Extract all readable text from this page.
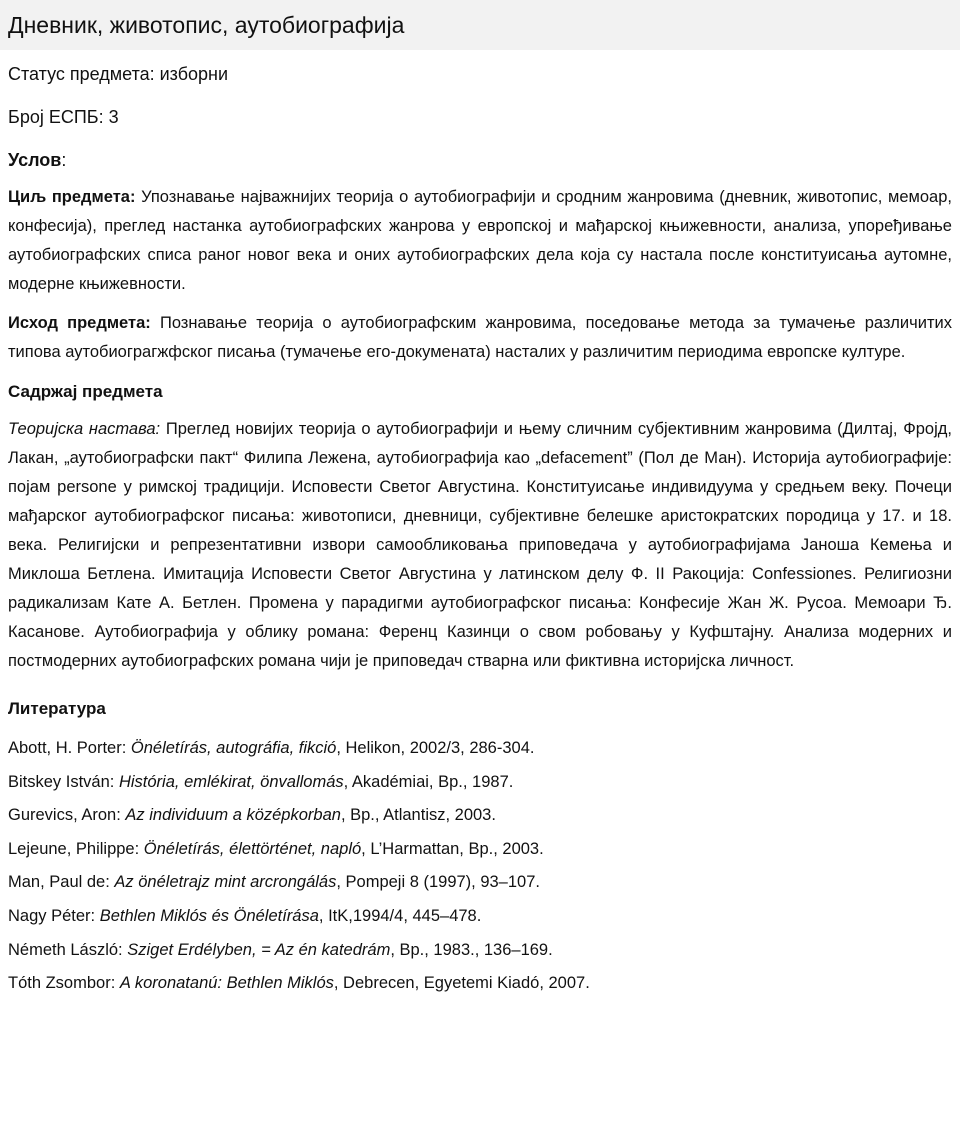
Дневник, животопис, аутобиографија

Статус предмета: изборни

Број ЕСПБ: 3

Услов:

Циљ предмета: Упознавање најважнијих теорија о аутобиографији и сродним жанровима (дневник, животопис, мемоар, конфесија), преглед настанка аутобиографских жанрова у европској и мађарској књижевности, анализа, упоређивање аутобиографских списа раног новог века и оних аутобиографских дела која су настала после конституисања аутомне, модерне књижевности.

Исход предмета: Познавање теорија о аутобиографским жанровима, поседовање метода за тумачење различитих типова аутобиограгжфског писања (тумачење его-докумената) насталих у различитим периодима европске културе.

Садржај предмета

Теоријска настава: Преглед новијих теорија о аутобиографији и њему сличним субјективним жанровима (Дилтај, Фројд, Лакан, „аутобиографски пакт“ Филипа Лежена, аутобиографија као „defacement” (Пол де Ман). Историја аутобиографије: појам persone у римској традицији. Исповести Светог Августина. Конституисање индивидуума у средњем веку. Почеци мађарског аутобиографског писања: животописи, дневници, субјективне белешке аристократских породица у 17. и 18. века. Религијски и репрезентативни извори самообликовања приповедача у аутобиографијама Јаноша Кемења и Миклоша Бетлена. Имитација Исповести Светог Августина у латинском делу Ф. II Ракоција: Confessiones. Религиозни радикализам Кате А. Бетлен. Промена у парадигми аутобиографског писања: Конфесије Жан Ж. Русоа. Мемоари Ђ. Касанове. Аутобиографија у облику романа: Ференц Казинци о свом робовању у Куфштајну. Анализа модерних и постмодерних аутобиографских романа чији је приповедач стварна или фиктивна историјска личност.

Литература
Abott, H. Porter: Önéletírás, autográfia, fikció, Helikon, 2002/3, 286-304.
Bitskey István: História, emlékirat, önvallomás, Akadémiai, Bp., 1987.
Gurevics, Aron: Az individuum a középkorban, Bp., Atlantisz, 2003.
Lejeune, Philippe: Önéletírás, élettörténet, napló, L’Harmattan, Bp., 2003.
Man, Paul de: Az önéletrajz mint arcrongálás, Pompeji 8 (1997), 93–107.
Nagy Péter: Bethlen Miklós és Önéletírása, ItK,1994/4, 445–478.
Németh László: Sziget Erdélyben, = Az én katedrám, Bp., 1983., 136–169.
Tóth Zsombor: A koronatanú: Bethlen Miklós, Debrecen, Egyetemi Kiadó, 2007.
